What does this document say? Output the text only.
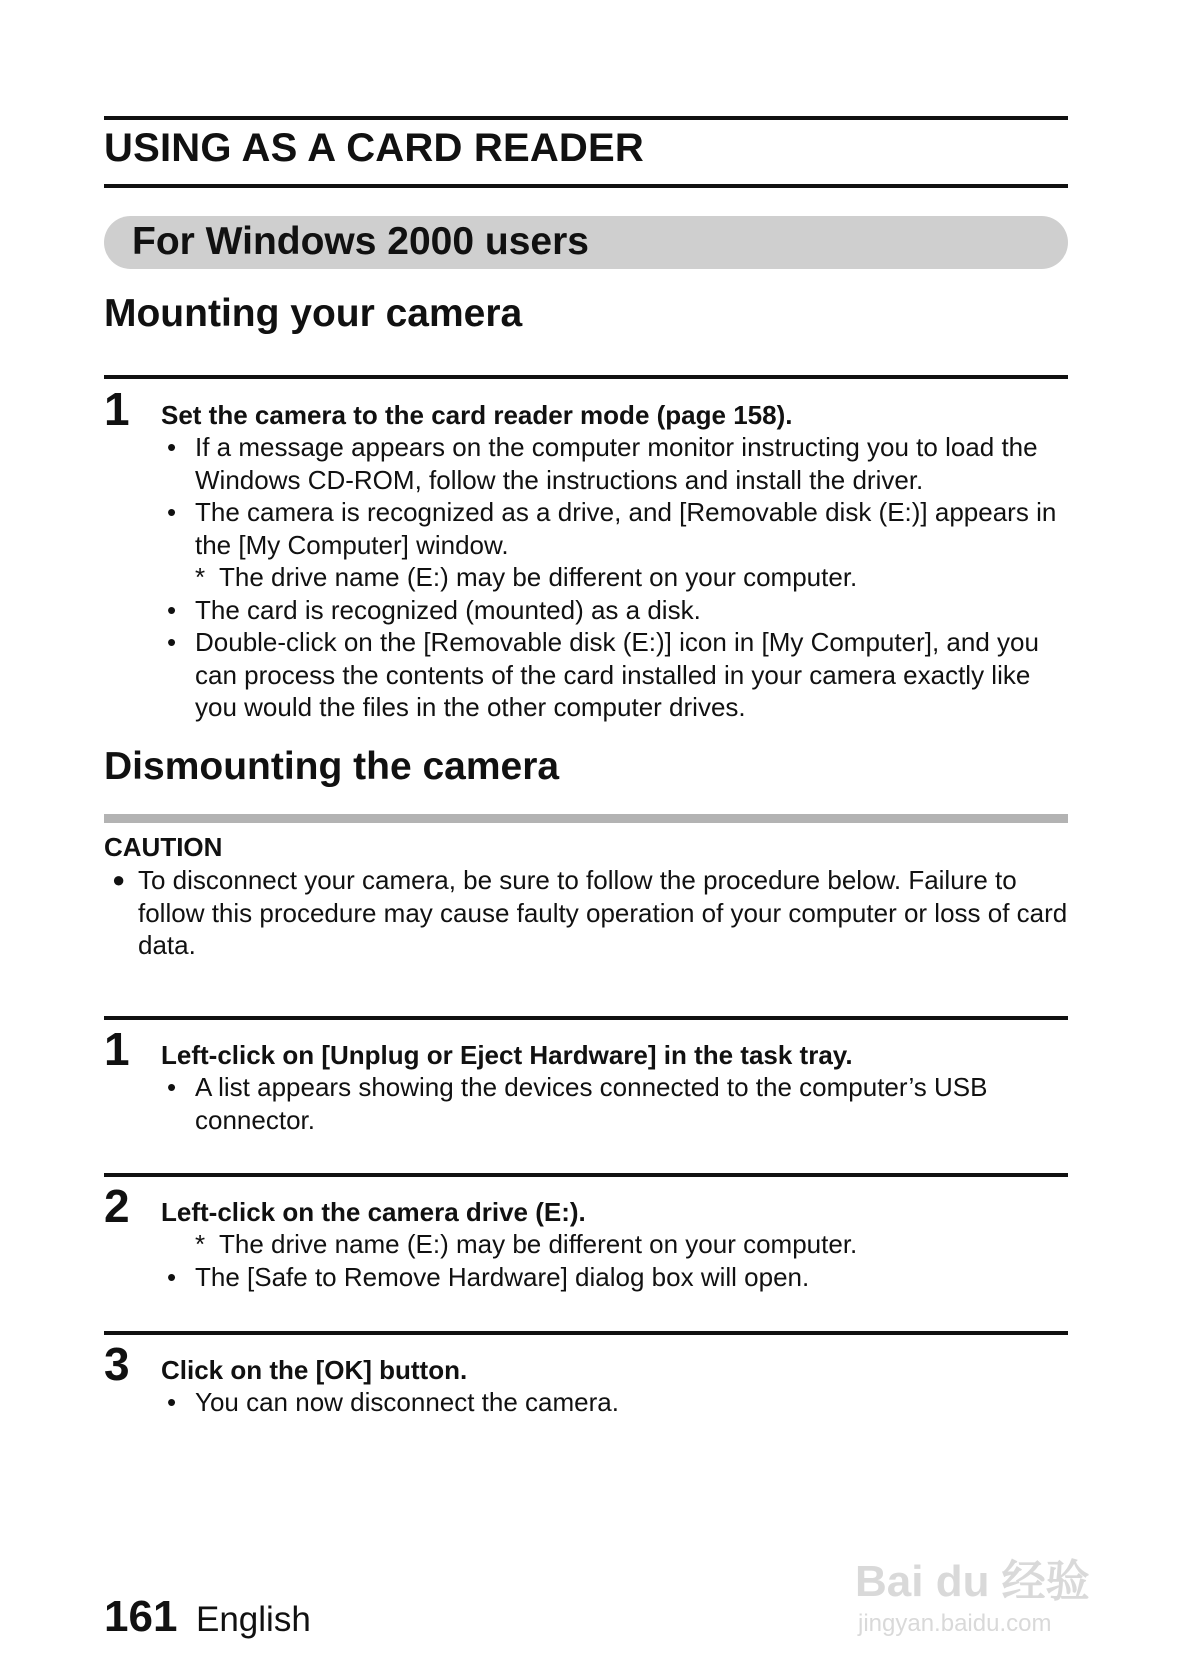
USING AS A CARD READER
For Windows 2000 users
Mounting your camera
1 Set the camera to the card reader mode (page 158).
• If a message appears on the computer monitor instructing you to load the Windows CD-ROM, follow the instructions and install the driver.
• The camera is recognized as a drive, and [Removable disk (E:)] appears in the [My Computer] window.
* The drive name (E:) may be different on your computer.
• The card is recognized (mounted) as a disk.
• Double-click on the [Removable disk (E:)] icon in [My Computer], and you can process the contents of the card installed in your camera exactly like you would the files in the other computer drives.
Dismounting the camera
CAUTION
● To disconnect your camera, be sure to follow the procedure below. Failure to follow this procedure may cause faulty operation of your computer or loss of card data.
1 Left-click on [Unplug or Eject Hardware] in the task tray.
• A list appears showing the devices connected to the computer’s USB connector.
2 Left-click on the camera drive (E:).
* The drive name (E:) may be different on your computer.
• The [Safe to Remove Hardware] dialog box will open.
3 Click on the [OK] button.
• You can now disconnect the camera.
161 English
Bai du 经验
jingyan.baidu.com
